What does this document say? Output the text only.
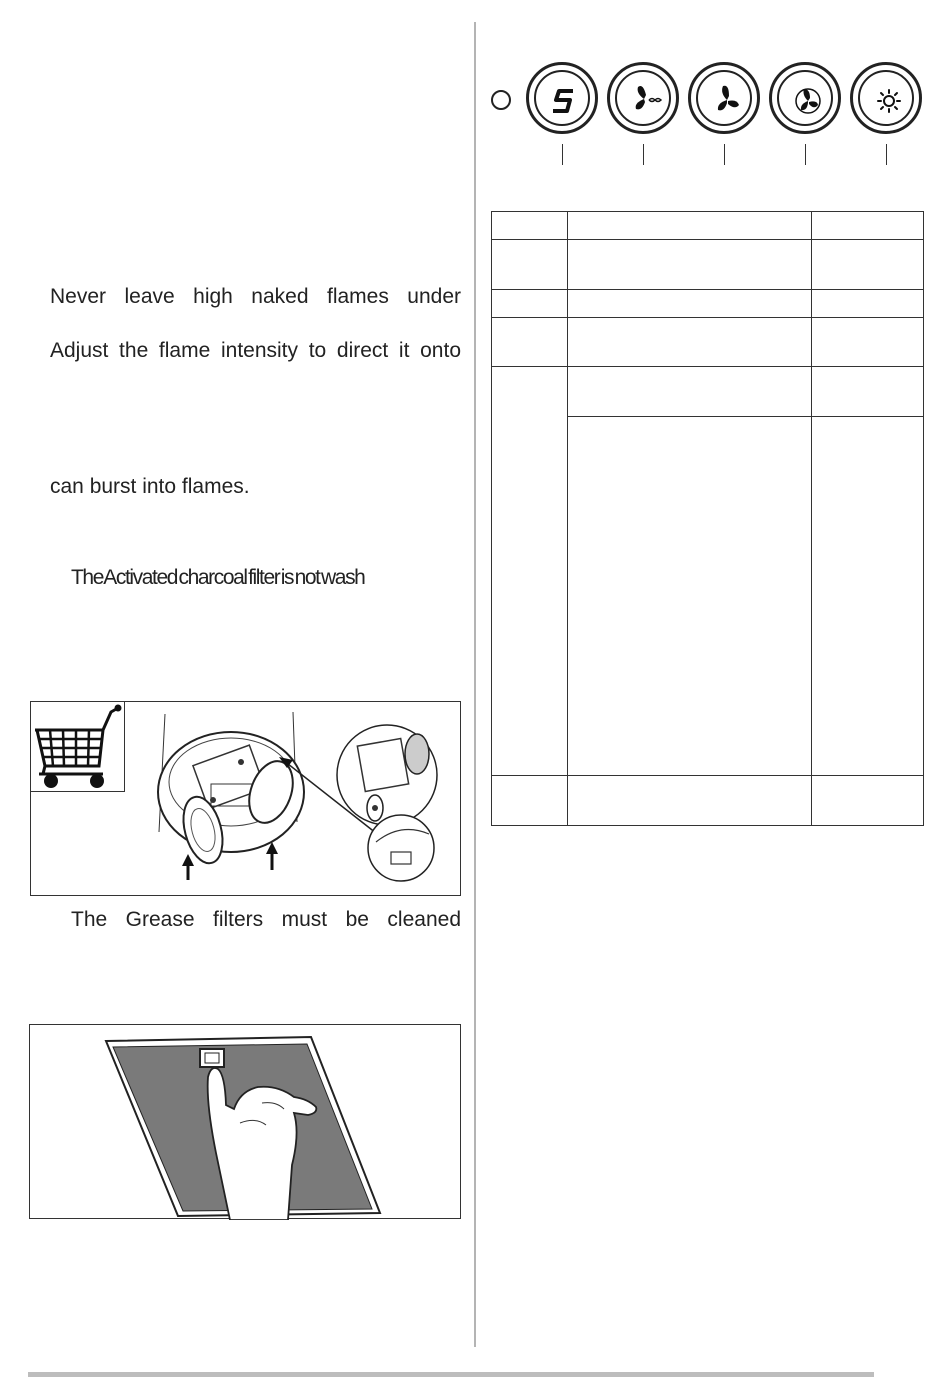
Never leave high naked flames under
Adjust the flame intensity to direct it onto
can burst into flames.
The Activated charcoal filter is not wash
The Grease filters must be cleaned
